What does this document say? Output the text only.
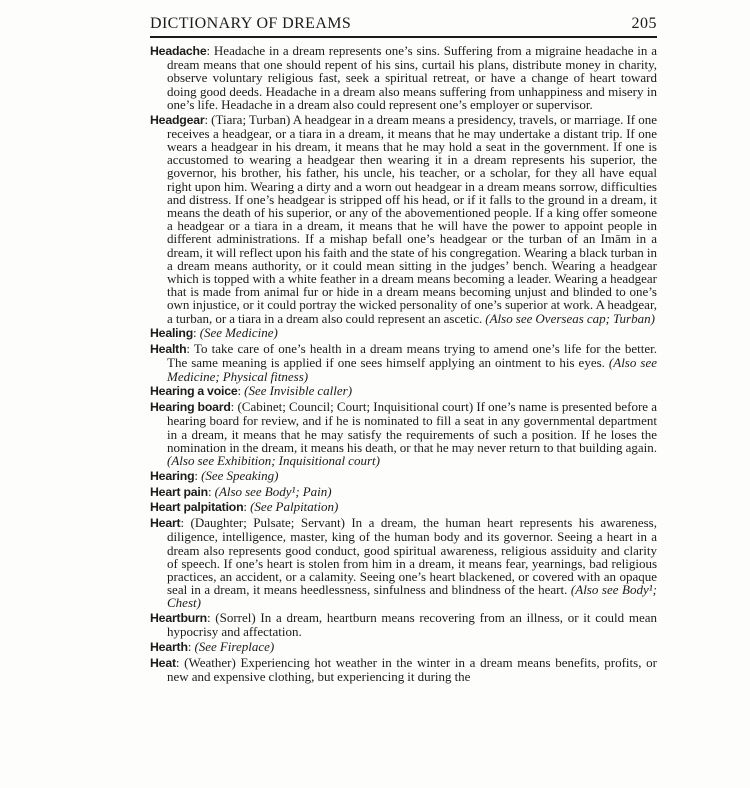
DICTIONARY OF DREAMS	205

Headache: Headache in a dream represents one’s sins. Suffering from a migraine headache in a dream means that one should repent of his sins, curtail his plans, distribute money in charity, observe voluntary religious fast, seek a spiritual retreat, or have a change of heart toward doing good deeds. Headache in a dream also means suffering from unhappiness and misery in one’s life. Headache in a dream also could represent one’s employer or supervisor.

Headgear: (Tiara; Turban) A headgear in a dream means a presidency, travels, or marriage. If one receives a headgear, or a tiara in a dream, it means that he may undertake a distant trip. If one wears a headgear in his dream, it means that he may hold a seat in the government. If one is accustomed to wearing a headgear then wearing it in a dream represents his superior, the governor, his brother, his father, his uncle, his teacher, or a scholar, for they all have equal right upon him. Wearing a dirty and a worn out headgear in a dream means sorrow, difficulties and distress. If one’s headgear is stripped off his head, or if it falls to the ground in a dream, it means the death of his superior, or any of the abovementioned people. If a king offer someone a headgear or a tiara in a dream, it means that he will have the power to appoint people in different administrations. If a mishap befall one’s headgear or the turban of an Imām in a dream, it will reflect upon his faith and the state of his congregation. Wearing a black turban in a dream means authority, or it could mean sitting in the judges’ bench. Wearing a headgear which is topped with a white feather in a dream means becoming a leader. Wearing a headgear that is made from animal fur or hide in a dream means becoming unjust and blinded to one’s own injustice, or it could portray the wicked personality of one’s superior at work. A headgear, a turban, or a tiara in a dream also could represent an ascetic. (Also see Overseas cap; Turban)

Healing: (See Medicine)

Health: To take care of one’s health in a dream means trying to amend one’s life for the better. The same meaning is applied if one sees himself applying an ointment to his eyes. (Also see Medicine; Physical fitness)

Hearing a voice: (See Invisible caller)

Hearing board: (Cabinet; Council; Court; Inquisitional court) If one’s name is presented before a hearing board for review, and if he is nominated to fill a seat in any governmental department in a dream, it means that he may satisfy the requirements of such a position. If he loses the nomination in the dream, it means his death, or that he may never return to that building again. (Also see Exhibition; Inquisitional court)

Hearing: (See Speaking)

Heart pain: (Also see Body¹; Pain)

Heart palpitation: (See Palpitation)

Heart: (Daughter; Pulsate; Servant) In a dream, the human heart represents his awareness, diligence, intelligence, master, king of the human body and its governor. Seeing a heart in a dream also represents good conduct, good spiritual awareness, religious assiduity and clarity of speech. If one’s heart is stolen from him in a dream, it means fear, yearnings, bad religious practices, an accident, or a calamity. Seeing one’s heart blackened, or covered with an opaque seal in a dream, it means heedlessness, sinfulness and blindness of the heart. (Also see Body¹; Chest)

Heartburn: (Sorrel) In a dream, heartburn means recovering from an illness, or it could mean hypocrisy and affectation.

Hearth: (See Fireplace)

Heat: (Weather) Experiencing hot weather in the winter in a dream means benefits, profits, or new and expensive clothing, but experiencing it during the
